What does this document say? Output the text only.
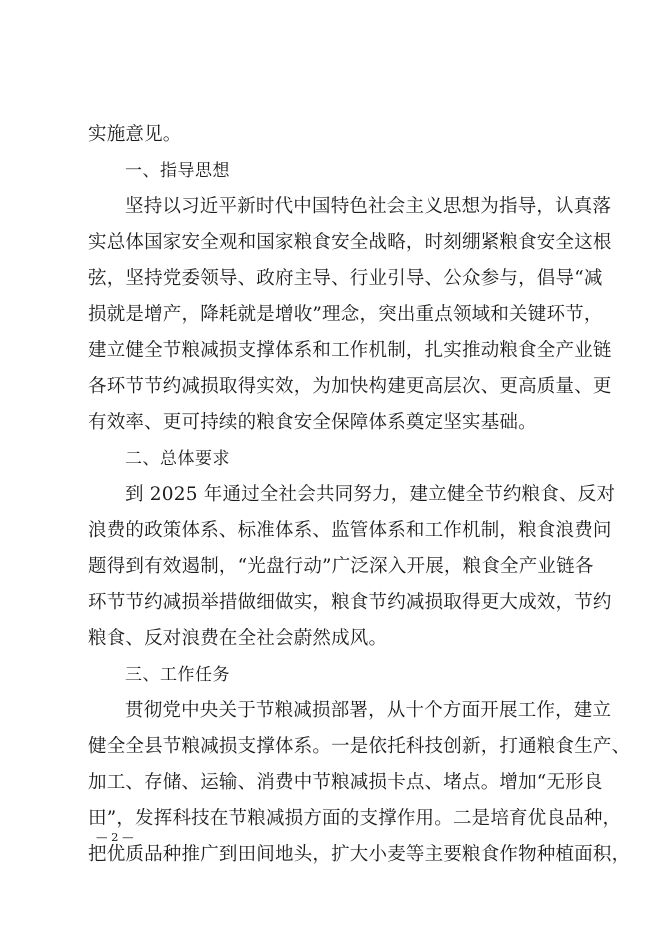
实施意见。
一、指导思想
坚持以习近平新时代中国特色社会主义思想为指导，认真落
实总体国家安全观和国家粮食安全战略，时刻绷紧粮食安全这根
弦，坚持党委领导、政府主导、行业引导、公众参与，倡导“减
损就是增产，降耗就是增收”理念，突出重点领域和关键环节，
建立健全节粮减损支撑体系和工作机制，扎实推动粮食全产业链
各环节节约减损取得实效，为加快构建更高层次、更高质量、更
有效率、更可持续的粮食安全保障体系奠定坚实基础。
二、总体要求
到 2025 年通过全社会共同努力，建立健全节约粮食、反对
浪费的政策体系、标准体系、监管体系和工作机制，粮食浪费问
题得到有效遏制，“光盘行动”广泛深入开展，粮食全产业链各
环节节约减损举措做细做实，粮食节约减损取得更大成效，节约
粮食、反对浪费在全社会蔚然成风。
三、工作任务
贯彻党中央关于节粮减损部署，从十个方面开展工作，建立
健全全县节粮减损支撑体系。一是依托科技创新，打通粮食生产、
加工、存储、运输、消费中节粮减损卡点、堵点。增加“无形良
田”，发挥科技在节粮减损方面的支撑作用。二是培育优良品种，
把优质品种推广到田间地头，扩大小麦等主要粮食作物种植面积，
— 2 —
